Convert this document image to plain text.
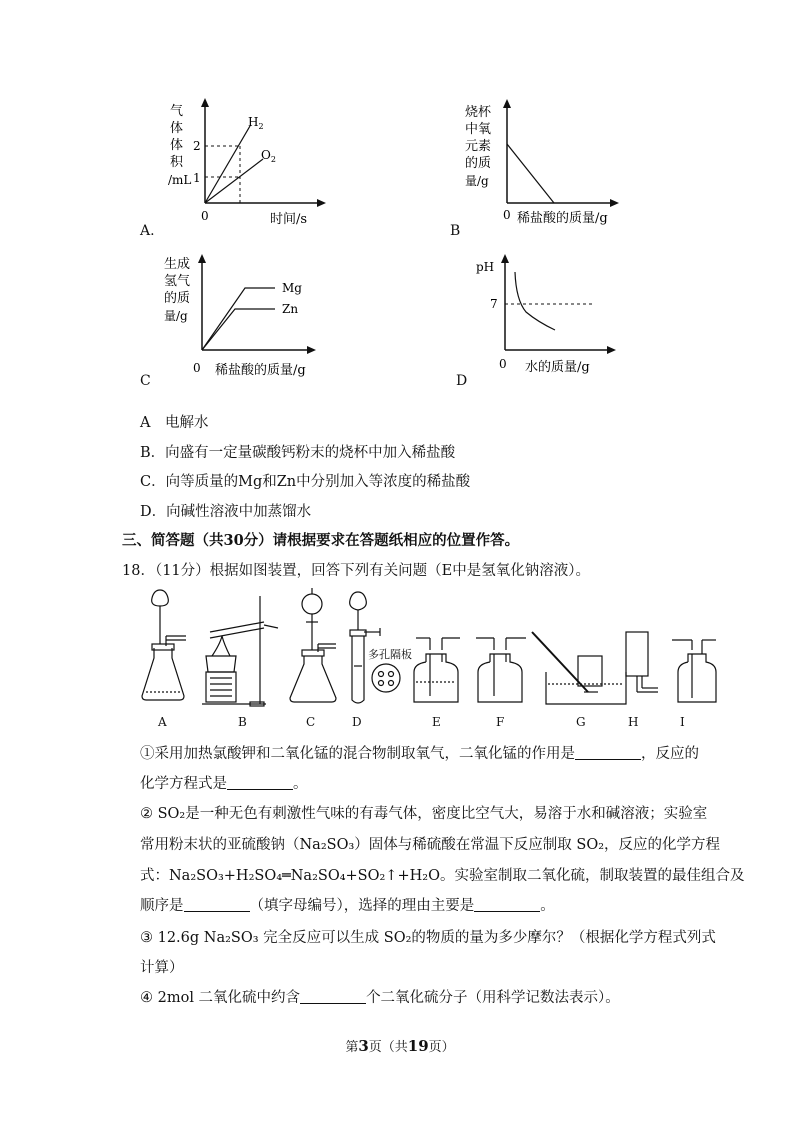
气
体
体
积
/mL
2
1
0	时间/s
$H_2$
$O_2$
A.
烧杯
中氧
元素
的质
量/g
0 稀盐酸的质量/g
B
生成
氢气
的质
量/g
Mg
Zn
0 稀盐酸的质量/g
C
pH
7
0 水的质量/g
D
A　电解水
B．向盛有一定量碳酸钙粉末的烧杯中加入稀盐酸
C．向等质量的Mg和Zn中分别加入等浓度的稀盐酸
D．向碱性溶液中加蒸馏水
三、简答题（共30分）请根据要求在答题纸相应的位置作答。
18．（11分）根据如图装置，回答下列有关问题（E中是氢氧化钠溶液）。
A	B	C	D	E	F	G	H	I
多孔隔板
①采用加热氯酸钾和二氧化锰的混合物制取氧气，二氧化锰的作用是	，反应的
化学方程式是	。
② SO₂是一种无色有刺激性气味的有毒气体，密度比空气大，易溶于水和碱溶液；实验室
常用粉末状的亚硫酸钠（Na₂SO₃）固体与稀硫酸在常温下反应制取 SO₂，反应的化学方程
式：Na₂SO₃+H₂SO₄═Na₂SO₄+SO₂↑+H₂O。实验室制取二氧化硫，制取装置的最佳组合及
顺序是	（填字母编号），选择的理由主要是	。
③ 12.6g Na₂SO₃ 完全反应可以生成 SO₂的物质的量为多少摩尔？（根据化学方程式列式
计算）
④ 2mol 二氧化硫中约含	个二氧化硫分子（用科学记数法表示）。
第3页（共19页）
